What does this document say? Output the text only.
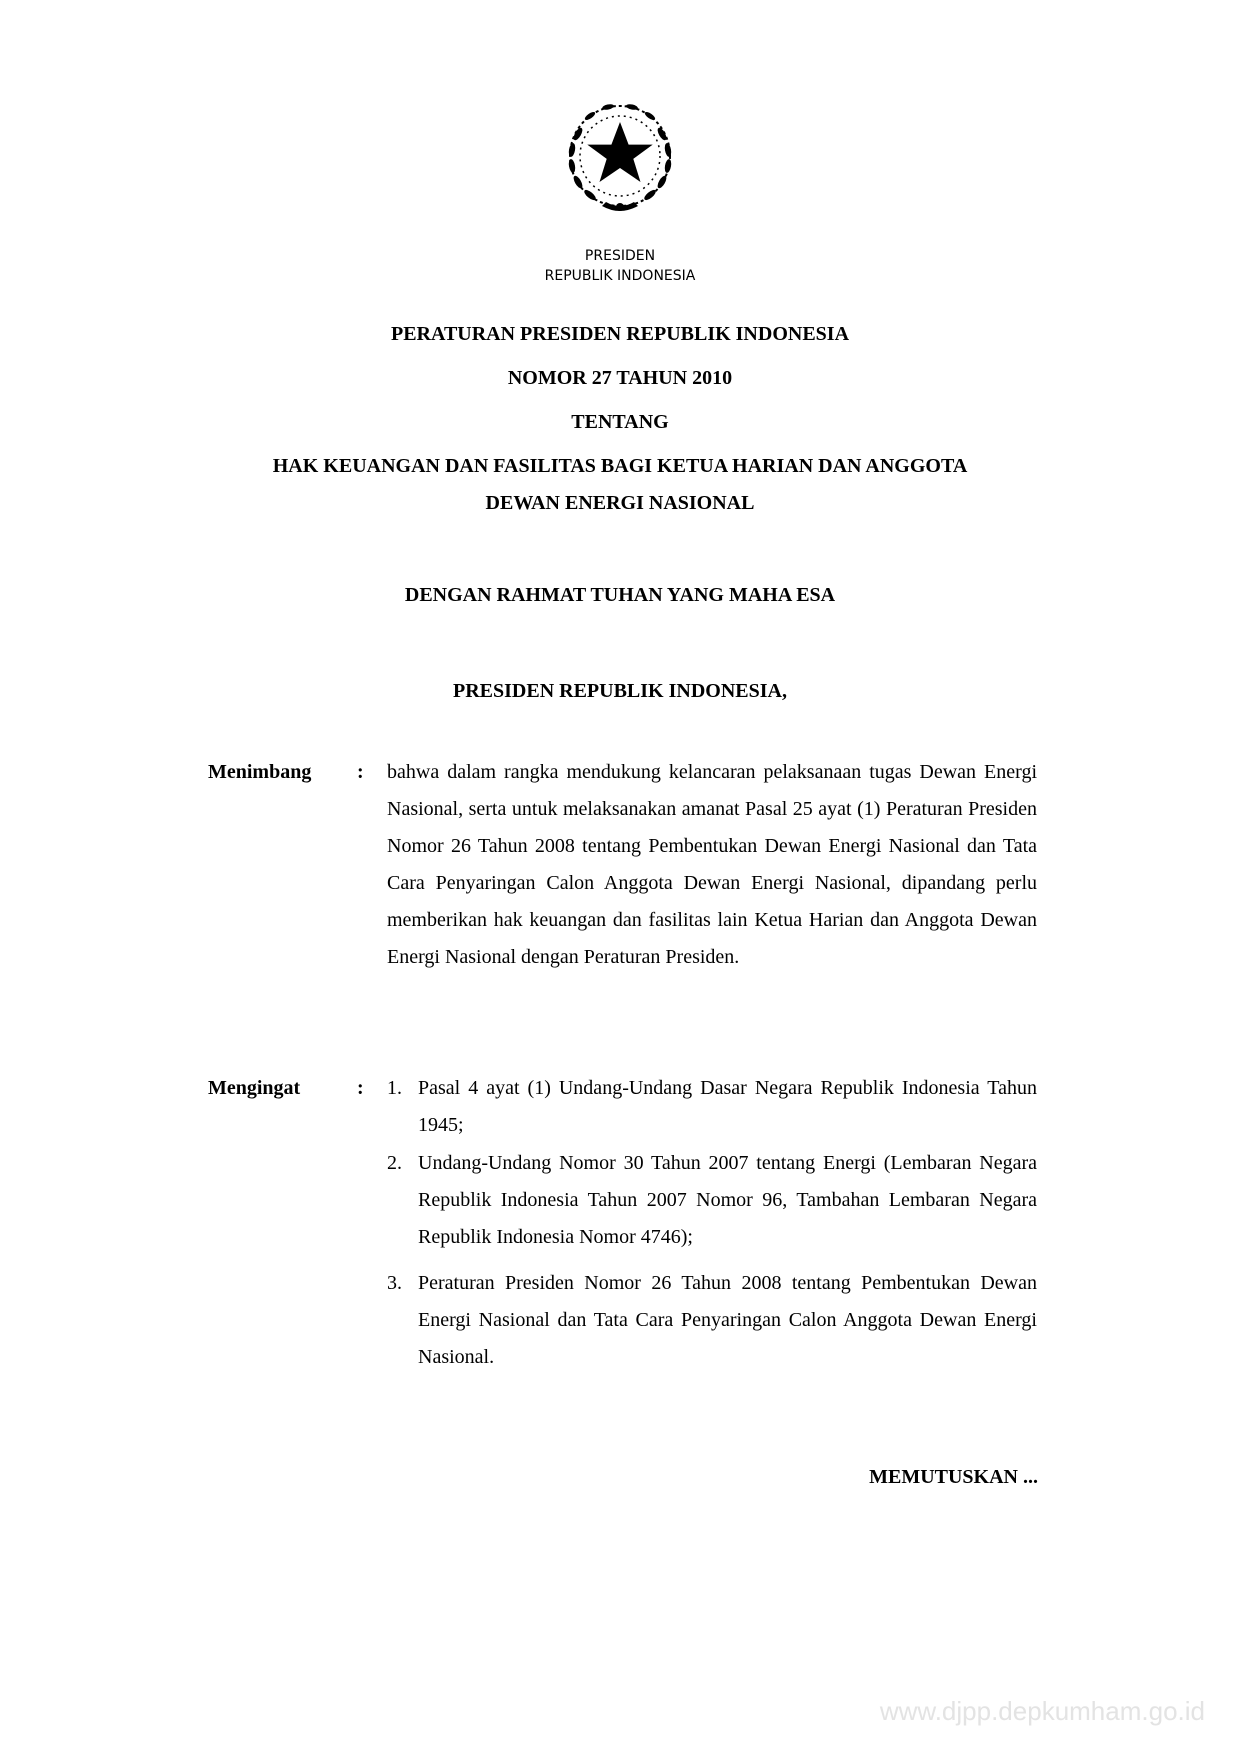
PRESIDEN
REPUBLIK INDONESIA
PERATURAN PRESIDEN REPUBLIK INDONESIA
NOMOR 27 TAHUN 2010
TENTANG
HAK KEUANGAN DAN FASILITAS BAGI KETUA HARIAN DAN ANGGOTA
DEWAN ENERGI NASIONAL
DENGAN RAHMAT TUHAN YANG MAHA ESA
PRESIDEN REPUBLIK INDONESIA,
Menimbang : bahwa dalam rangka mendukung kelancaran pelaksanaan tugas Dewan Energi Nasional, serta untuk melaksanakan amanat Pasal 25 ayat (1) Peraturan Presiden Nomor 26 Tahun 2008 tentang Pembentukan Dewan Energi Nasional dan Tata Cara Penyaringan Calon Anggota Dewan Energi Nasional, dipandang perlu memberikan hak keuangan dan fasilitas lain Ketua Harian dan Anggota Dewan Energi Nasional dengan Peraturan Presiden.
Mengingat	: 1. Pasal 4 ayat (1) Undang-Undang Dasar Negara Republik Indonesia Tahun 1945;
2. Undang-Undang Nomor 30 Tahun 2007 tentang Energi (Lembaran Negara Republik Indonesia Tahun 2007 Nomor 96, Tambahan Lembaran Negara Republik Indonesia Nomor 4746);
3. Peraturan Presiden Nomor 26 Tahun 2008 tentang Pembentukan Dewan Energi Nasional dan Tata Cara Penyaringan Calon Anggota Dewan Energi Nasional.
MEMUTUSKAN ...
www.djpp.depkumham.go.id
